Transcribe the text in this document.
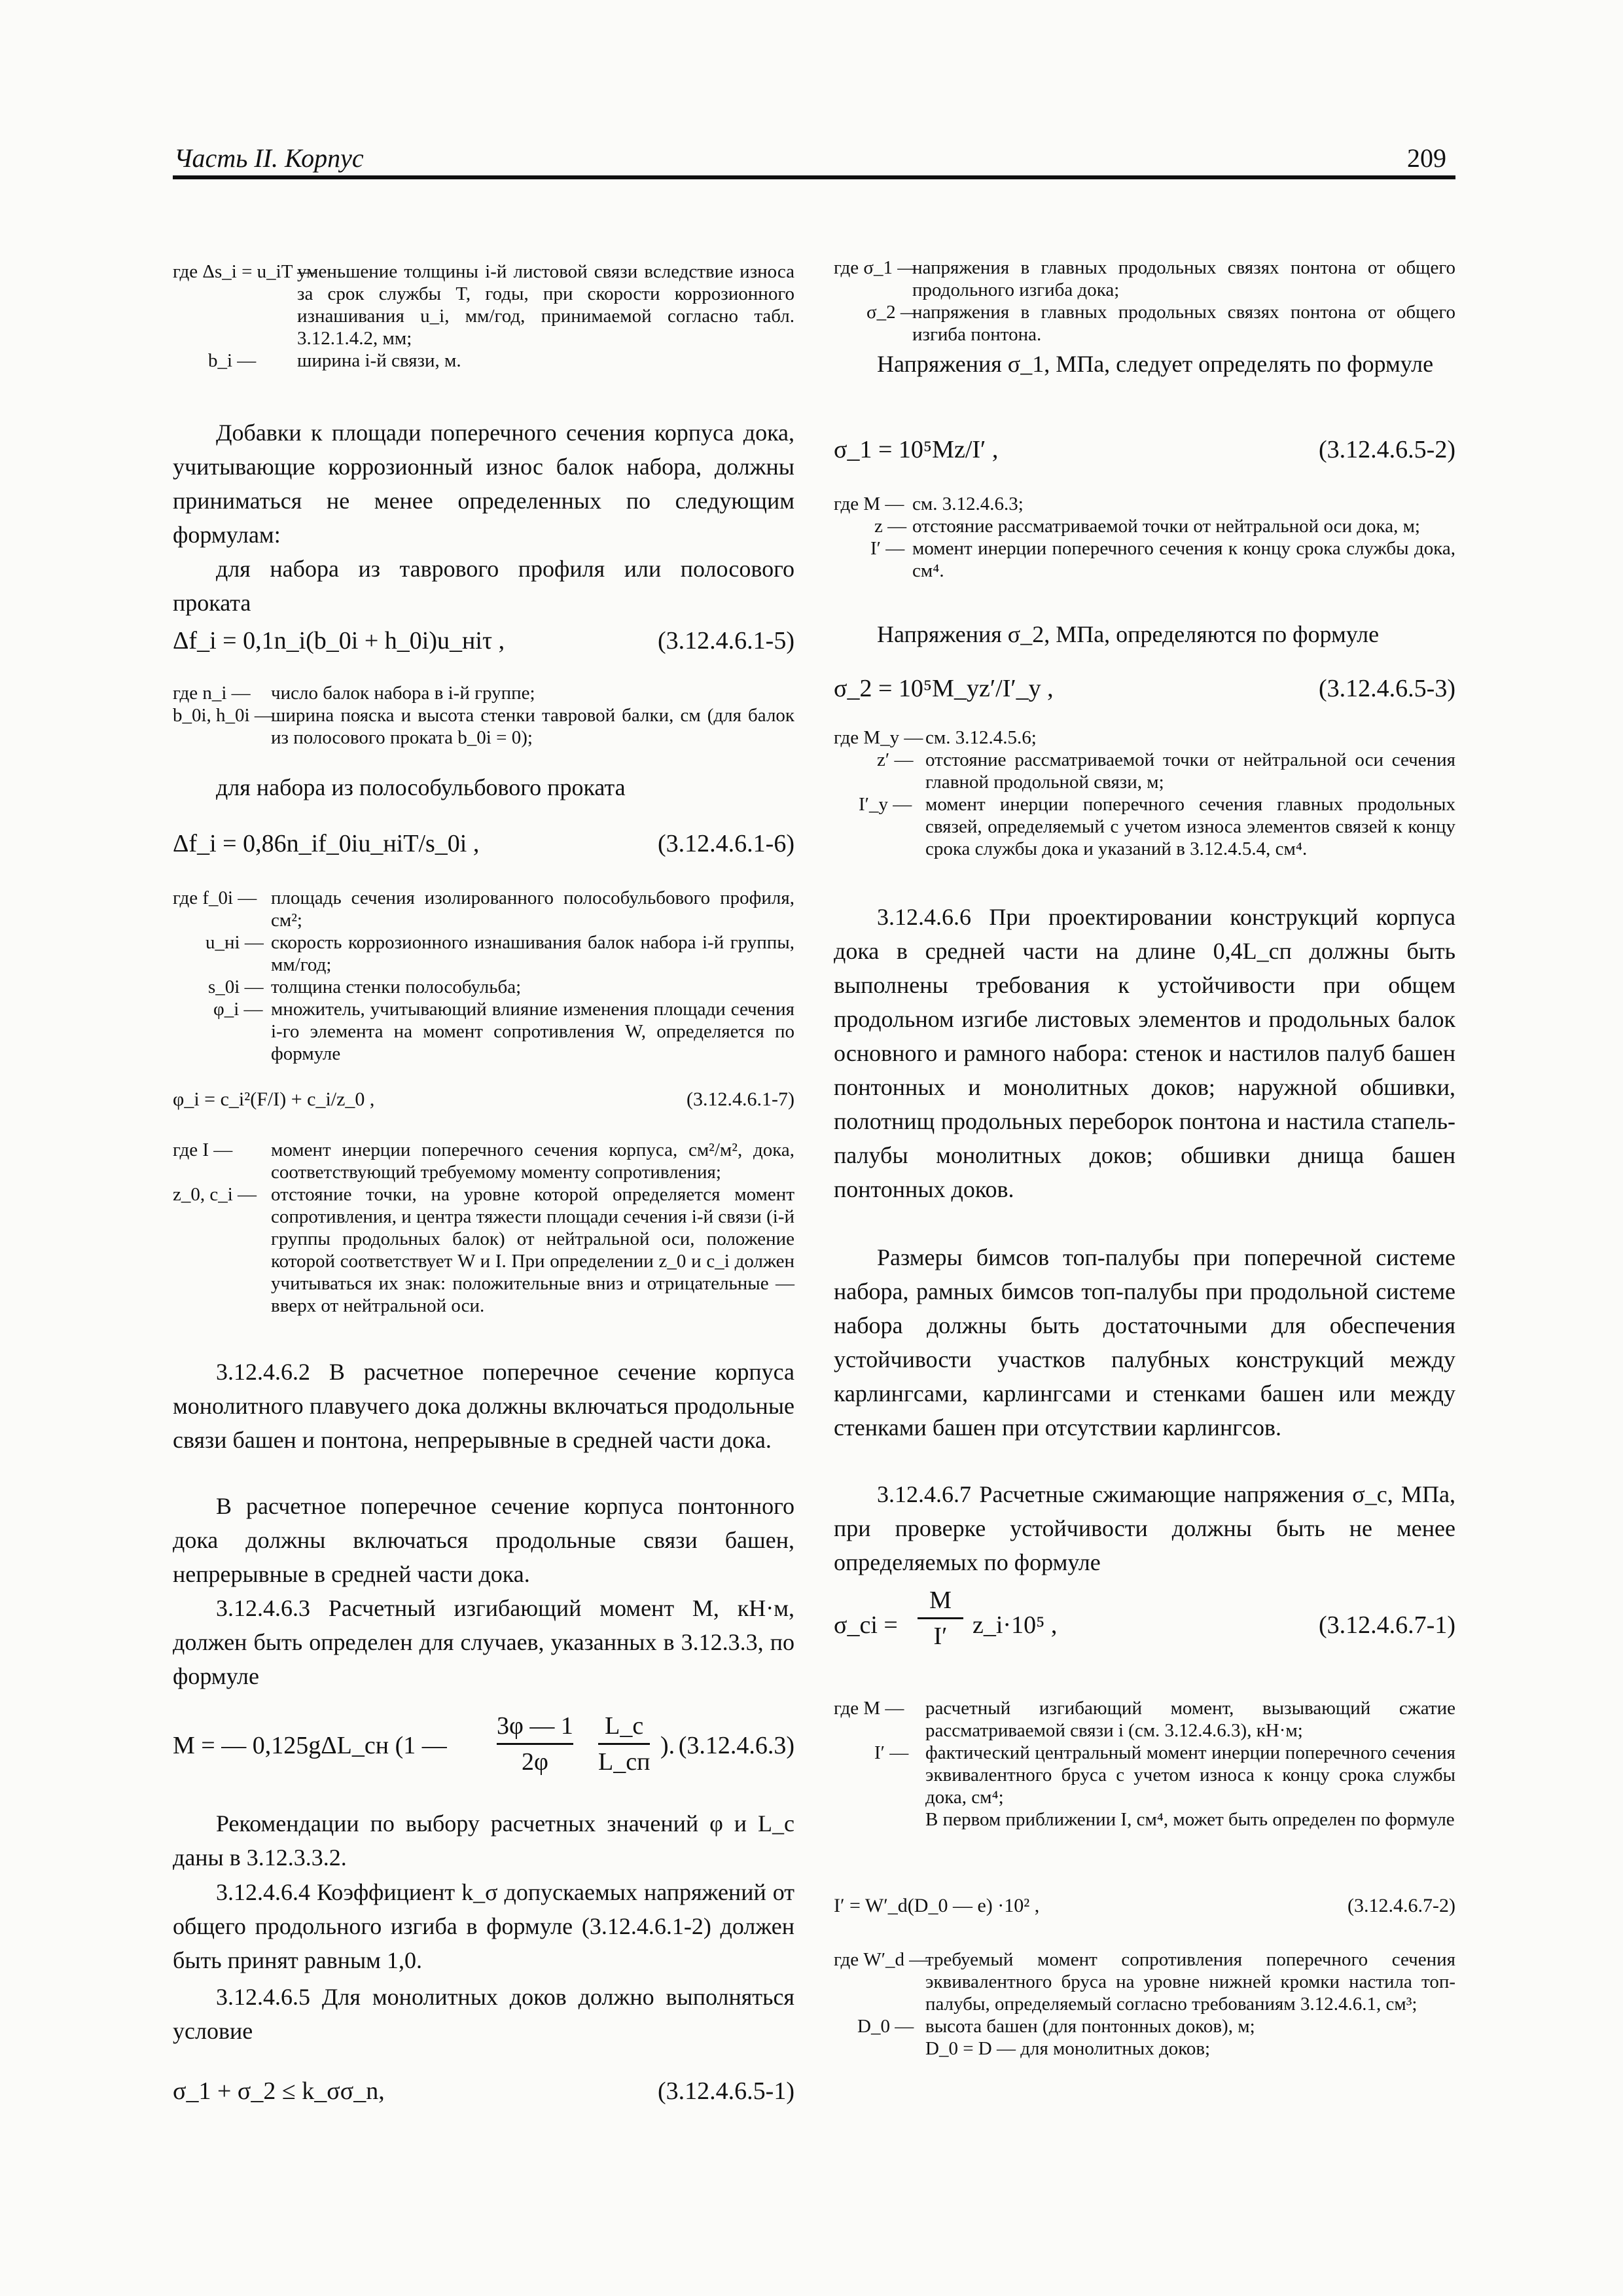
Часть II. Корпус	209
где Δs_i = u_iT —
уменьшение толщины i-й листовой связи вследствие износа за срок службы T, годы, при скорости коррозионного изнашивания u_i, мм/год, принимаемой согласно табл. 3.12.1.4.2, мм;
b_i — ширина i-й связи, м.

Добавки к площади поперечного сечения корпуса дока, учитывающие коррозионный износ балок набора, должны приниматься не менее определенных по следующим формулам:

для набора из таврового профиля или полосового проката

Δf_i = 0,1n_i(b_0i + h_0i)u_нiτ ,	(3.12.4.6.1-5)
где n_i — число балок набора в i-й группе;
b_0i, h_0i —
ширина пояска и высота стенки тавровой балки, см (для балок из полосового проката b_0i = 0);

для набора из полособульбового проката

Δf_i = 0,86n_if_0iu_нiT/s_0i ,	(3.12.4.6.1-6)
где f_0i — площадь сечения изолированного полособульбового профиля, см²;
u_нi — скорость коррозионного изнашивания балок набора i-й группы, мм/год;
s_0i — толщина стенки полособульба;
φ_i — множитель, учитывающий влияние изменения площади сечения i-го элемента на момент сопротивления W, определяется по формуле
φ_i = c_i²(F/I) + c_i/z_0 ,	(3.12.4.6.1-7)
где I — момент инерции поперечного сечения корпуса, см²/м², дока, соответствующий требуемому моменту сопротивления;
z_0, c_i — отстояние точки, на уровне которой определяется момент сопротивления, и центра тяжести площади сечения i-й связи (i-й группы продольных балок) от нейтральной оси, положение которой соответствует W и I. При определении z_0 и c_i должен учитываться их знак: положительные вниз и отрицательные — вверх от нейтральной оси.

3.12.4.6.2 В расчетное поперечное сечение корпуса монолитного плавучего дока должны включаться продольные связи башен и понтона, непрерывные в средней части дока.

В расчетное поперечное сечение корпуса понтонного дока должны включаться продольные связи башен, непрерывные в средней части дока.

3.12.4.6.3 Расчетный изгибающий момент M, кН·м, должен быть определен для случаев, указанных в 3.12.3.3, по формуле

M = — 0,125gΔL_сн (1 —
3φ — 1
2φ
L_с
L_сп
). (3.12.4.6.3)

Рекомендации по выбору расчетных значений φ и L_с даны в 3.12.3.3.2.

3.12.4.6.4 Коэффициент k_σ допускаемых напряжений от общего продольного изгиба в формуле (3.12.4.6.1-2) должен быть принят равным 1,0.

3.12.4.6.5 Для монолитных доков должно выполняться условие

σ_1 + σ_2 ≤ k_σσ_n,	(3.12.4.6.5-1)
где σ_1 —
напряжения в главных продольных связях понтона от общего продольного изгиба дока;
σ_2 —
напряжения в главных продольных связях понтона от общего изгиба понтона.

Напряжения σ_1, МПа, следует определять по формуле

σ_1 = 10⁵Mz/I′ ,	(3.12.4.6.5-2)
где M — см. 3.12.4.6.3;
z — отстояние рассматриваемой точки от нейтральной оси дока, м;
I′ — момент инерции поперечного сечения к концу срока службы дока, см⁴.

Напряжения σ_2, МПа, определяются по формуле

σ_2 = 10⁵M_yz′/I′_y ,	(3.12.4.6.5-3)
где M_y — см. 3.12.4.5.6;
z′ — отстояние рассматриваемой точки от нейтральной оси сечения главной продольной связи, м;
I′_y — момент инерции поперечного сечения главных продольных связей, определяемый с учетом износа элементов связей к концу срока службы дока и указаний в 3.12.4.5.4, см⁴.

3.12.4.6.6 При проектировании конструкций корпуса дока в средней части на длине 0,4L_сп должны быть выполнены требования к устойчивости при общем продольном изгибе листовых элементов и продольных балок основного и рамного набора: стенок и настилов палуб башен понтонных и монолитных доков; наружной обшивки, полотнищ продольных переборок понтона и настила стапель-палубы монолитных доков; обшивки днища башен понтонных доков.

Размеры бимсов топ-палубы при поперечной системе набора, рамных бимсов топ-палубы при продольной системе набора должны быть достаточными для обеспечения устойчивости участков палубных конструкций между карлингсами, карлингсами и стенками башен или между стенками башен при отсутствии карлингсов.

3.12.4.6.7 Расчетные сжимающие напряжения σ_c, МПа, при проверке устойчивости должны быть не менее определяемых по формуле

σ_ci =
M
I′	z_i·10⁵ ,	(3.12.4.6.7-1)
где M — расчетный изгибающий момент, вызывающий сжатие рассматриваемой связи i (см. 3.12.4.6.3), кН·м;
I′ — фактический центральный момент инерции поперечного сечения эквивалентного бруса с учетом износа к концу срока службы дока, см⁴;
В первом приближении I, см⁴, может быть определен по формуле
I′ = W′_d(D_0 — e) ·10² ,	(3.12.4.6.7-2)
где W′_d —
требуемый момент сопротивления поперечного сечения эквивалентного бруса на уровне нижней кромки настила топ-палубы, определяемый согласно требованиям 3.12.4.6.1, см³;
D_0 — высота башен (для понтонных доков), м;
D_0 = D — для монолитных доков;
